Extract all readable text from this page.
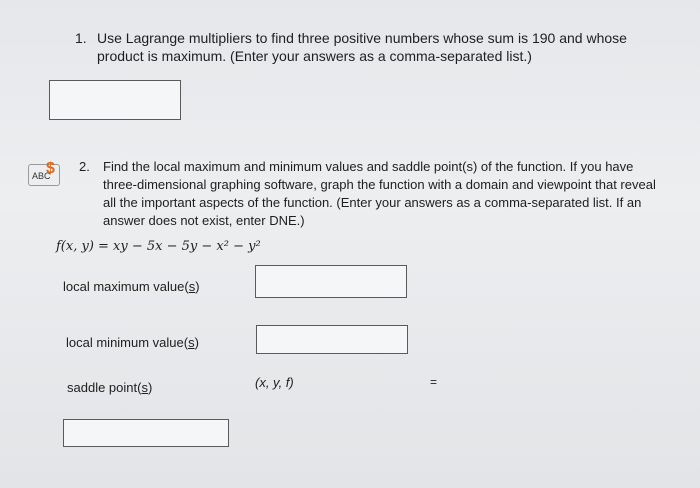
1. Use Lagrange multipliers to find three positive numbers whose sum is 190 and whose product is maximum. (Enter your answers as a comma-separated list.)
ABC
$ 2. Find the local maximum and minimum values and saddle point(s) of the function. If you have three-dimensional graphing software, graph the function with a domain and viewpoint that reveal all the important aspects of the function. (Enter your answers as a comma-separated list. If an answer does not exist, enter DNE.)
f(x, y) = xy − 5x − 5y − x² − y²
local maximum value(s)
local minimum value(s)
saddle point(s)	(x, y, f)	=
